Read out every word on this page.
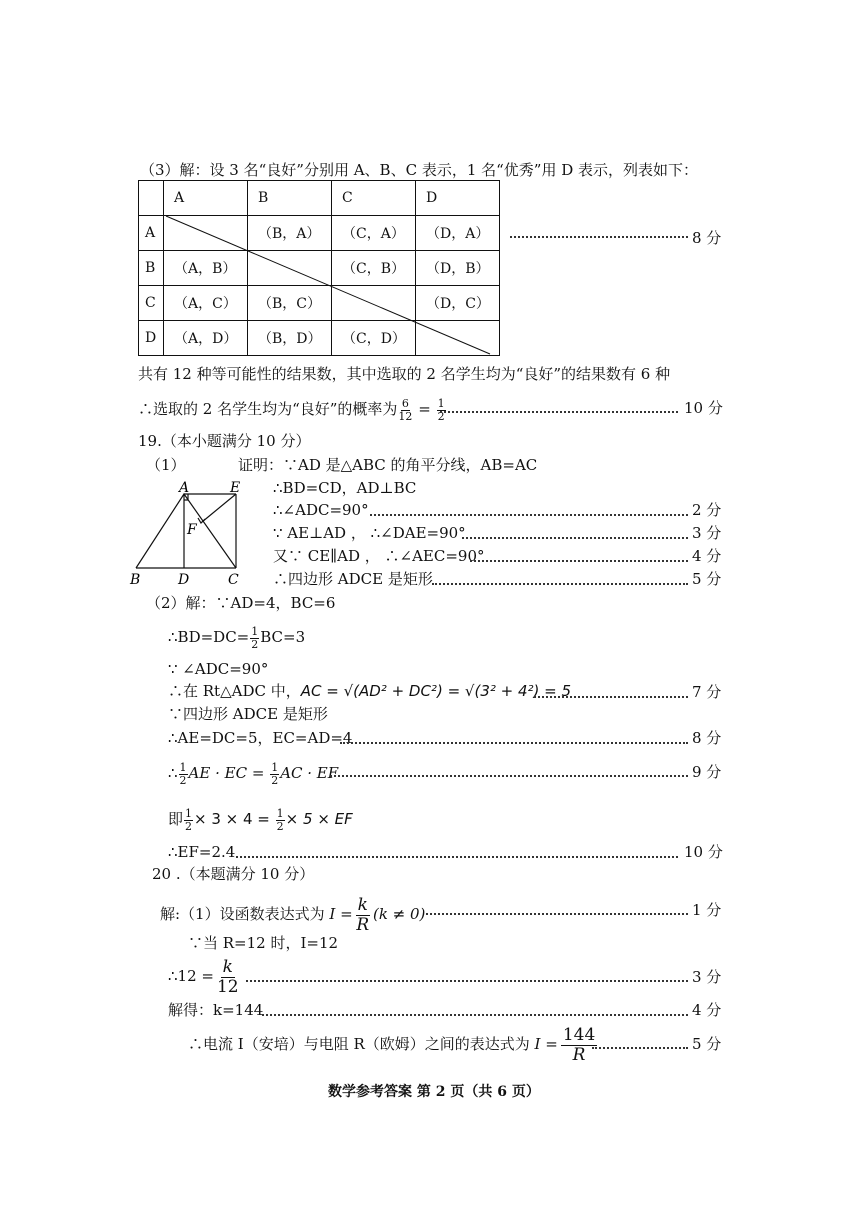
（3）解：设 3 名“良好”分别用 A、B、C 表示，1 名“优秀”用 D 表示，列表如下：
	A	B	C	D
A		（B，A）	（C，A）	（D，A）
B	（A，B）		（C，B）	（D，B）
C	（A，C）	（B，C）		（D，C）
D	（A，D）	（B，D）	（C，D）	
8 分
共有 12 种等可能性的结果数，其中选取的 2 名学生均为“良好”的结果数有 6 种
∴选取的 2 名学生均为“良好”的概率为 $\frac{6}{12} = \frac{1}{2}$	10 分
19.（本小题满分 10 分）
（1）	证明：∵AD 是△ABC 的角平分线，AB=AC
A	E
F
B	D	C
∴BD=CD，AD⊥BC
∴∠ADC=90°	2 分
∵ AE⊥AD ， ∴∠DAE=90°	3 分
又∵ CE∥AD ， ∴∠AEC=90°	4 分
∴四边形 ADCE 是矩形	5 分
（2）解：∵AD=4，BC=6
∴BD=DC= $\frac{1}{2} BC=3$
∵ ∠ADC=90°
∴在 Rt△ADC 中，AC = √(AD² + DC²) = √(3² + 4²) = 5	7 分
∵四边形 ADCE 是矩形
∴AE=DC=5，EC=AD=4	8 分
∴ $\frac{1}{2}$ AE · EC = $\frac{1}{2}$ AC · EF	9 分
即 $\frac{1}{2} \times 3 \times 4 = \frac{1}{2} \times 5$ × EF
∴EF=2.4	10 分
20 .（本题满分 10 分）
解:（1）设函数表达式为 $I = \frac{k}{R} (k \ne 0)$	1 分
∵当 R=12 时，I=12
∴12 = $\frac{k}{12}$	3 分
解得：k=144	4 分
∴电流 I（安培）与电阻 R（欧姆）之间的表达式为 $I = \frac{144}{R}$	5 分
数学参考答案 第 2 页（共 6 页）
